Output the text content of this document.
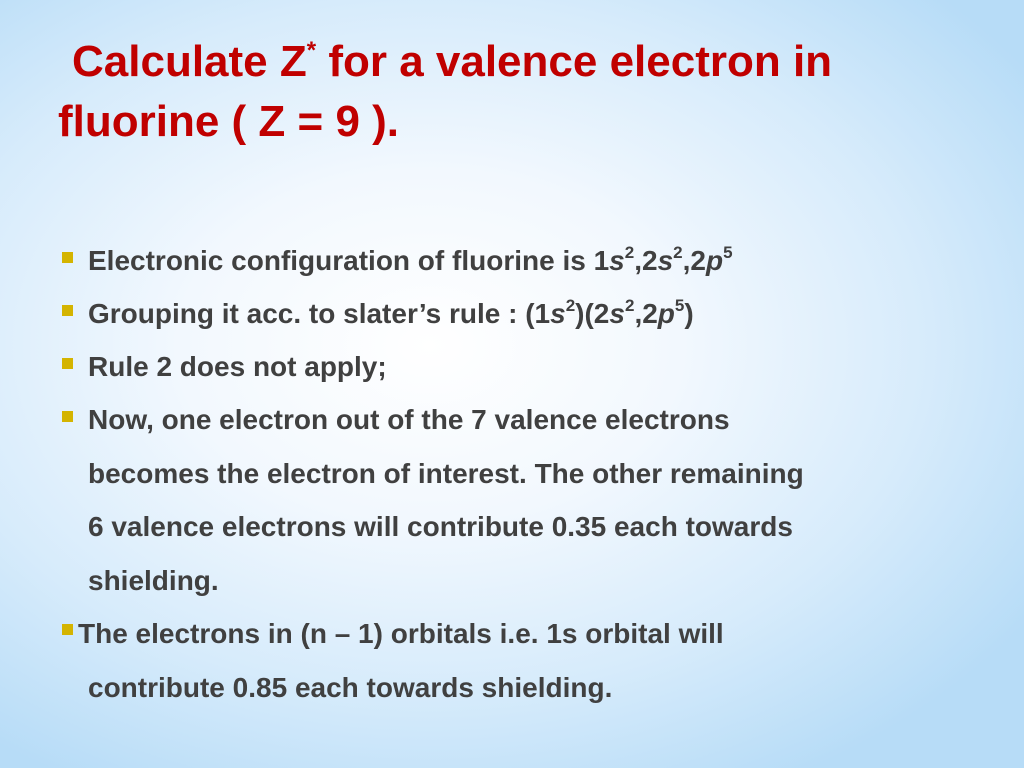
Calculate Z* for a valence electron in
fluorine ( Z = 9 ).
Electronic configuration of fluorine is $1s^2,2s^2,2p^5$
Grouping it acc. to slater’s rule : $(1s^2)(2s^2,2p^5)$
Rule 2 does not apply;
Now, one electron out of the 7 valence electrons
becomes the electron of interest. The other remaining
6 valence electrons will contribute 0.35 each towards
shielding.
The electrons in (n – 1) orbitals i.e. 1s orbital will
contribute 0.85 each towards shielding.
